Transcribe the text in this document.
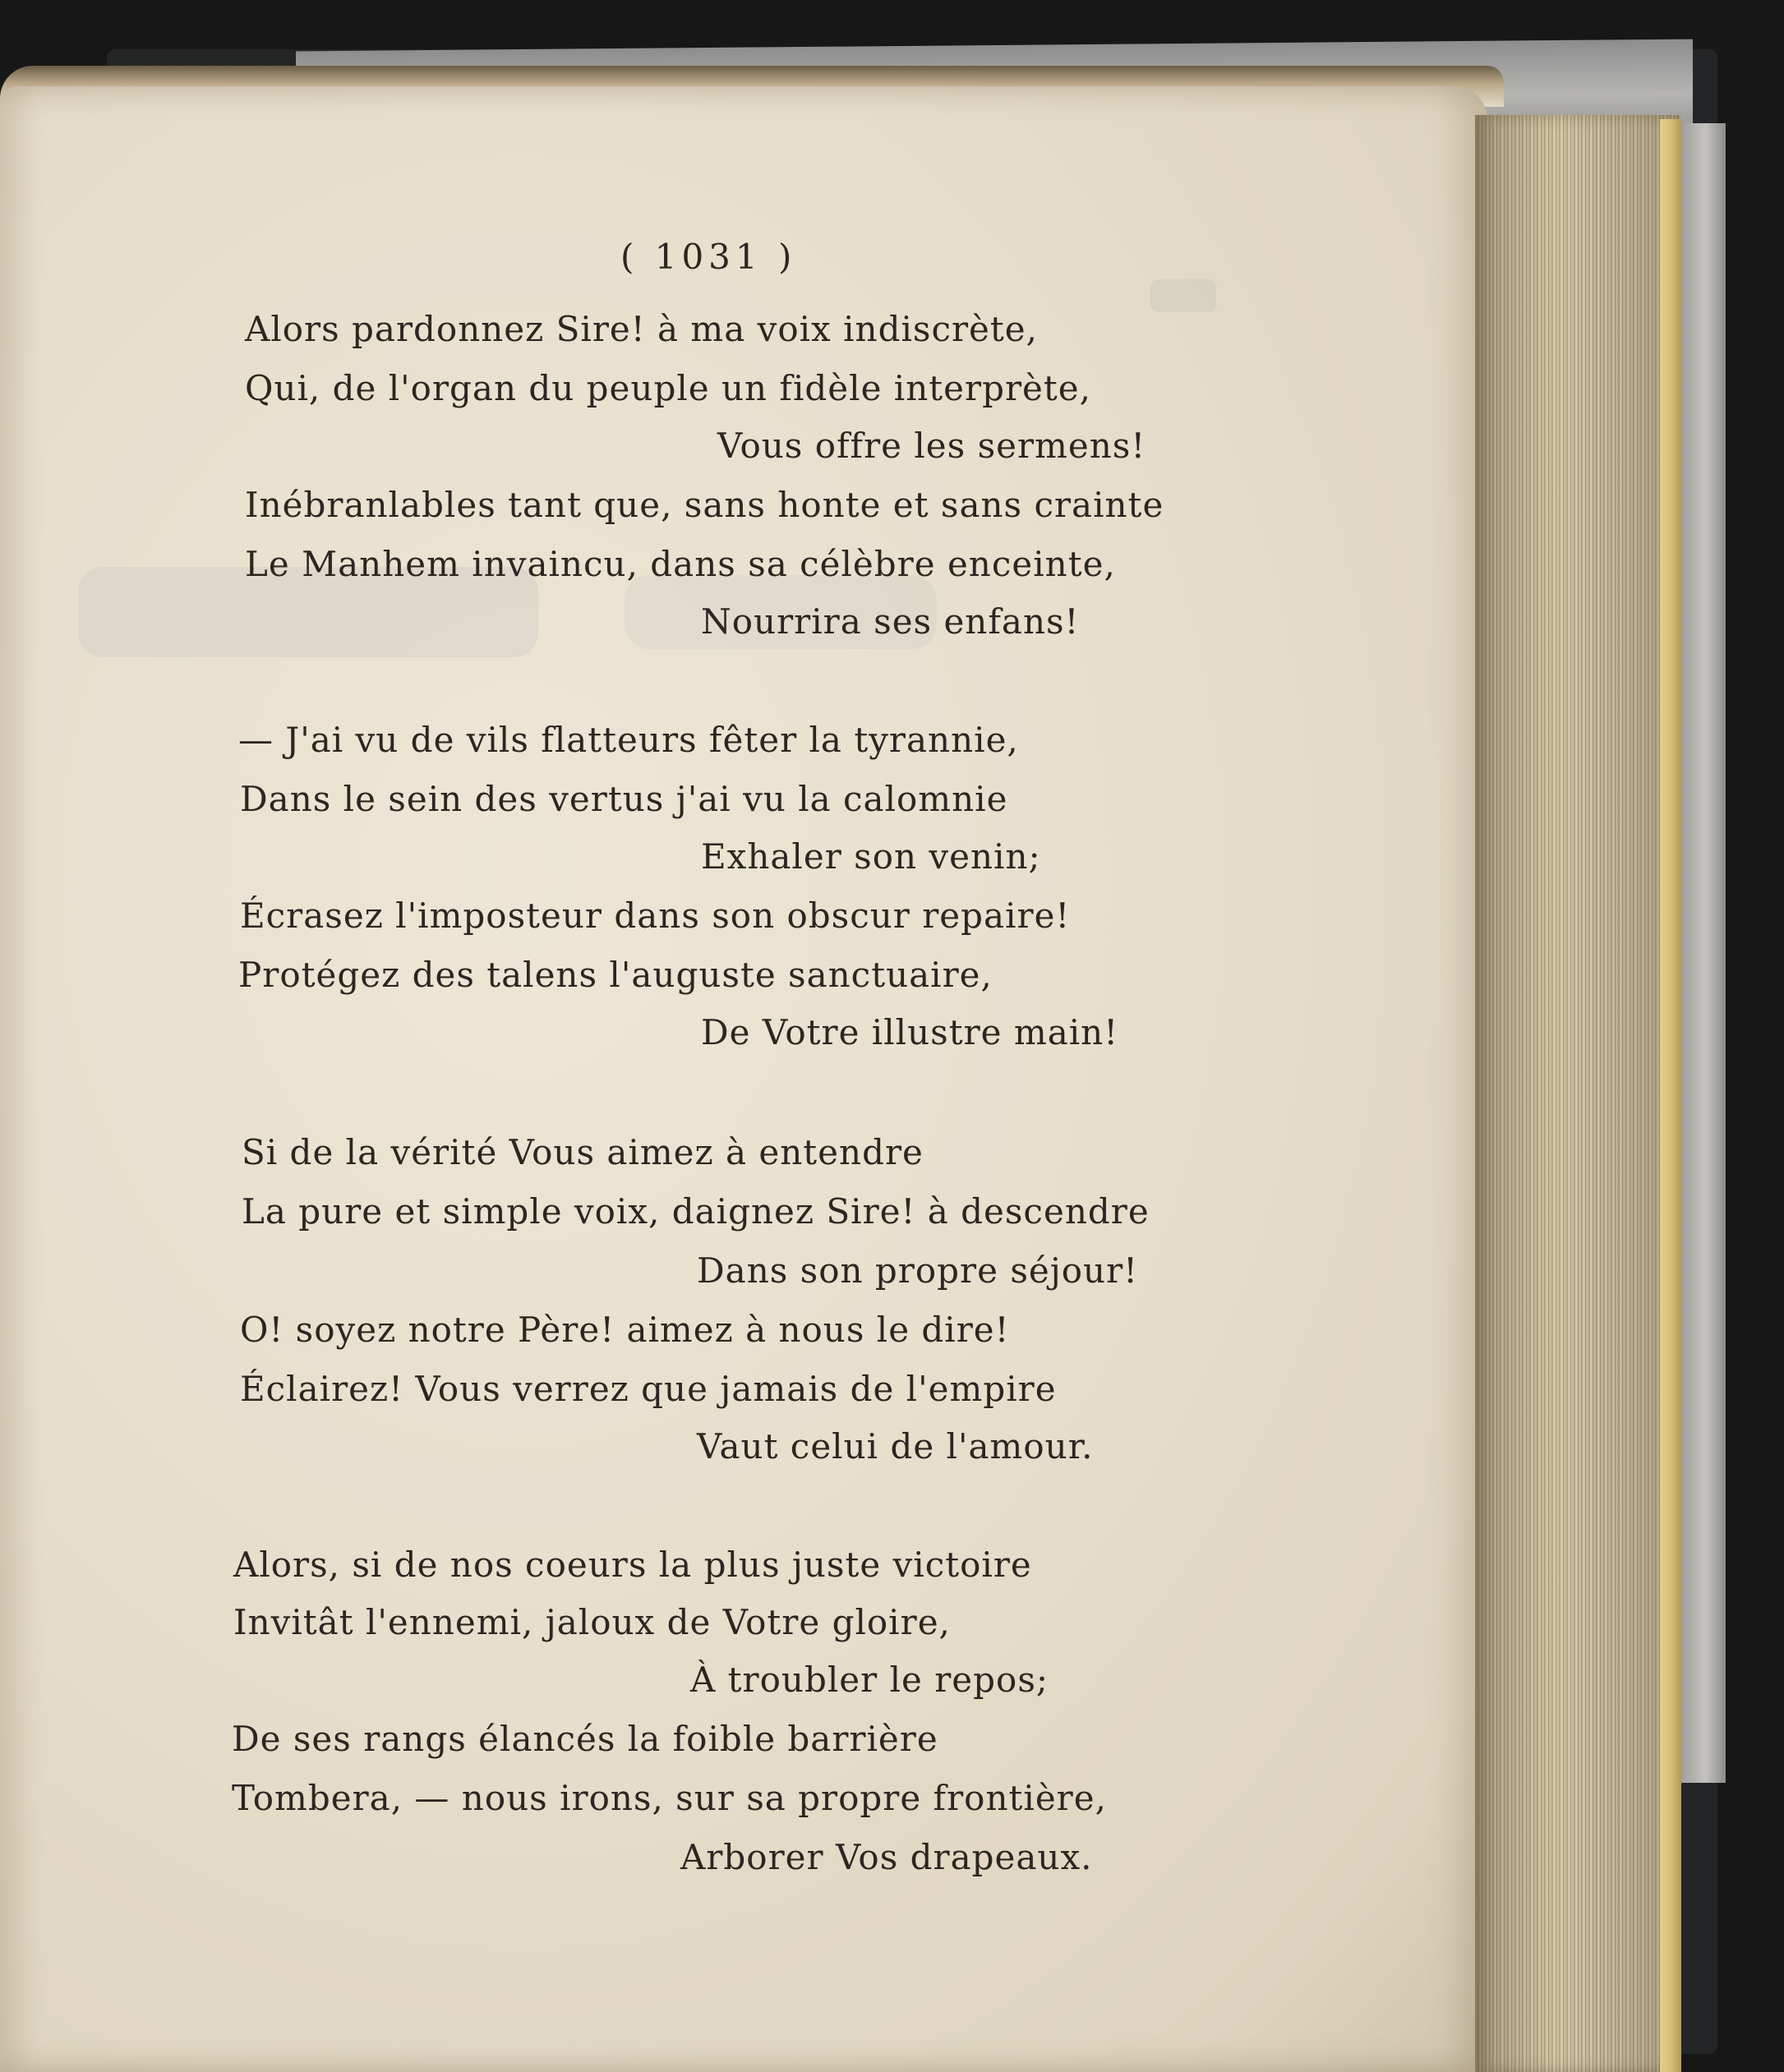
( 1031 )
Alors pardonnez Sire! à ma voix indiscrète,
Qui, de l'organ du peuple un fidèle interprète,
Vous offre les sermens!
Inébranlables tant que, sans honte et sans crainte
Le Manhem invaincu, dans sa célèbre enceinte,
Nourrira ses enfans!
— J'ai vu de vils flatteurs fêter la tyrannie,
Dans le sein des vertus j'ai vu la calomnie
Exhaler son venin;
Écrasez l'imposteur dans son obscur repaire!
Protégez des talens l'auguste sanctuaire,
De Votre illustre main!
Si de la vérité Vous aimez à entendre
La pure et simple voix, daignez Sire! à descendre
Dans son propre séjour!
O! soyez notre Père! aimez à nous le dire!
Éclairez! Vous verrez que jamais de l'empire
Vaut celui de l'amour.
Alors, si de nos coeurs la plus juste victoire
Invitât l'ennemi, jaloux de Votre gloire,
À troubler le repos;
De ses rangs élancés la foible barrière
Tombera, — nous irons, sur sa propre frontière,
Arborer Vos drapeaux.
